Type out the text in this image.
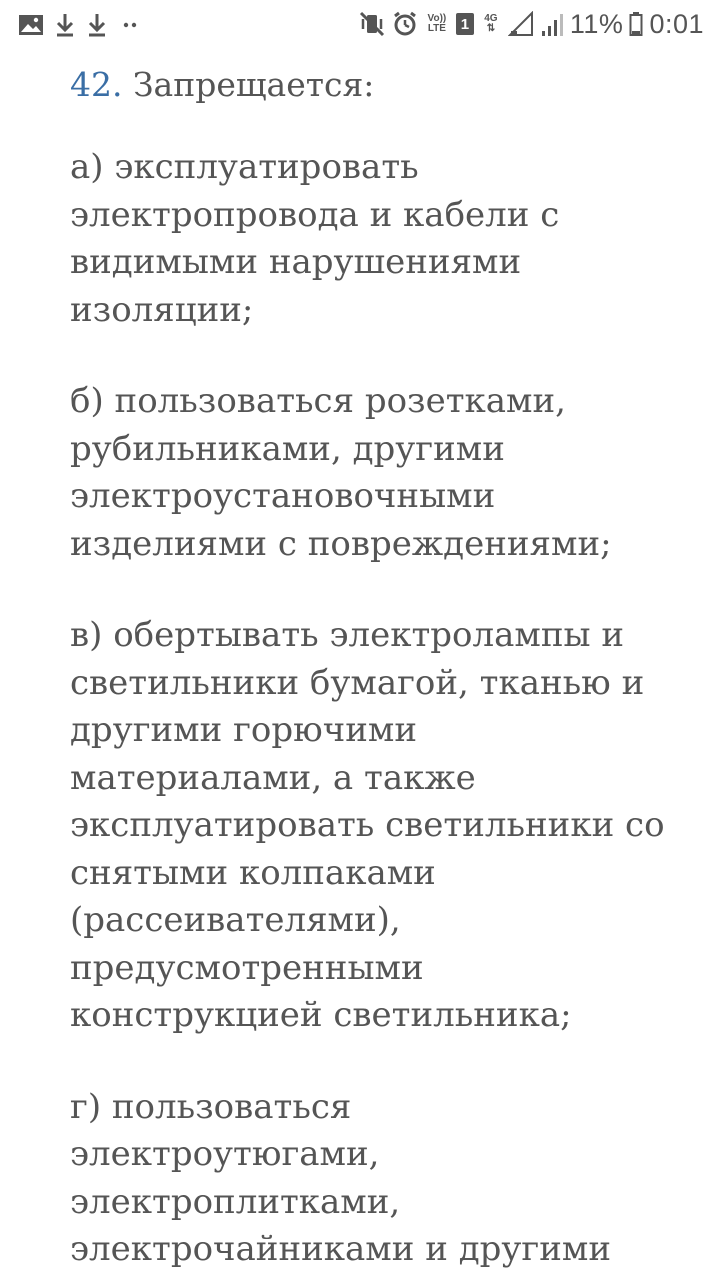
Vo))
LTE 1	4G
⇅	11% 0:01
42. Запрещается:

а) эксплуатировать электропровода и кабели с видимыми нарушениями изоляции;

б) пользоваться розетками, рубильниками, другими электроустановочными изделиями с повреждениями;

в) обертывать электролампы и светильники бумагой, тканью и другими горючими материалами, а также эксплуатировать светильники со снятыми колпаками (рассеивателями), предусмотренными конструкцией светильника;

г) пользоваться электроутюгами, электроплитками, электрочайниками и другими
